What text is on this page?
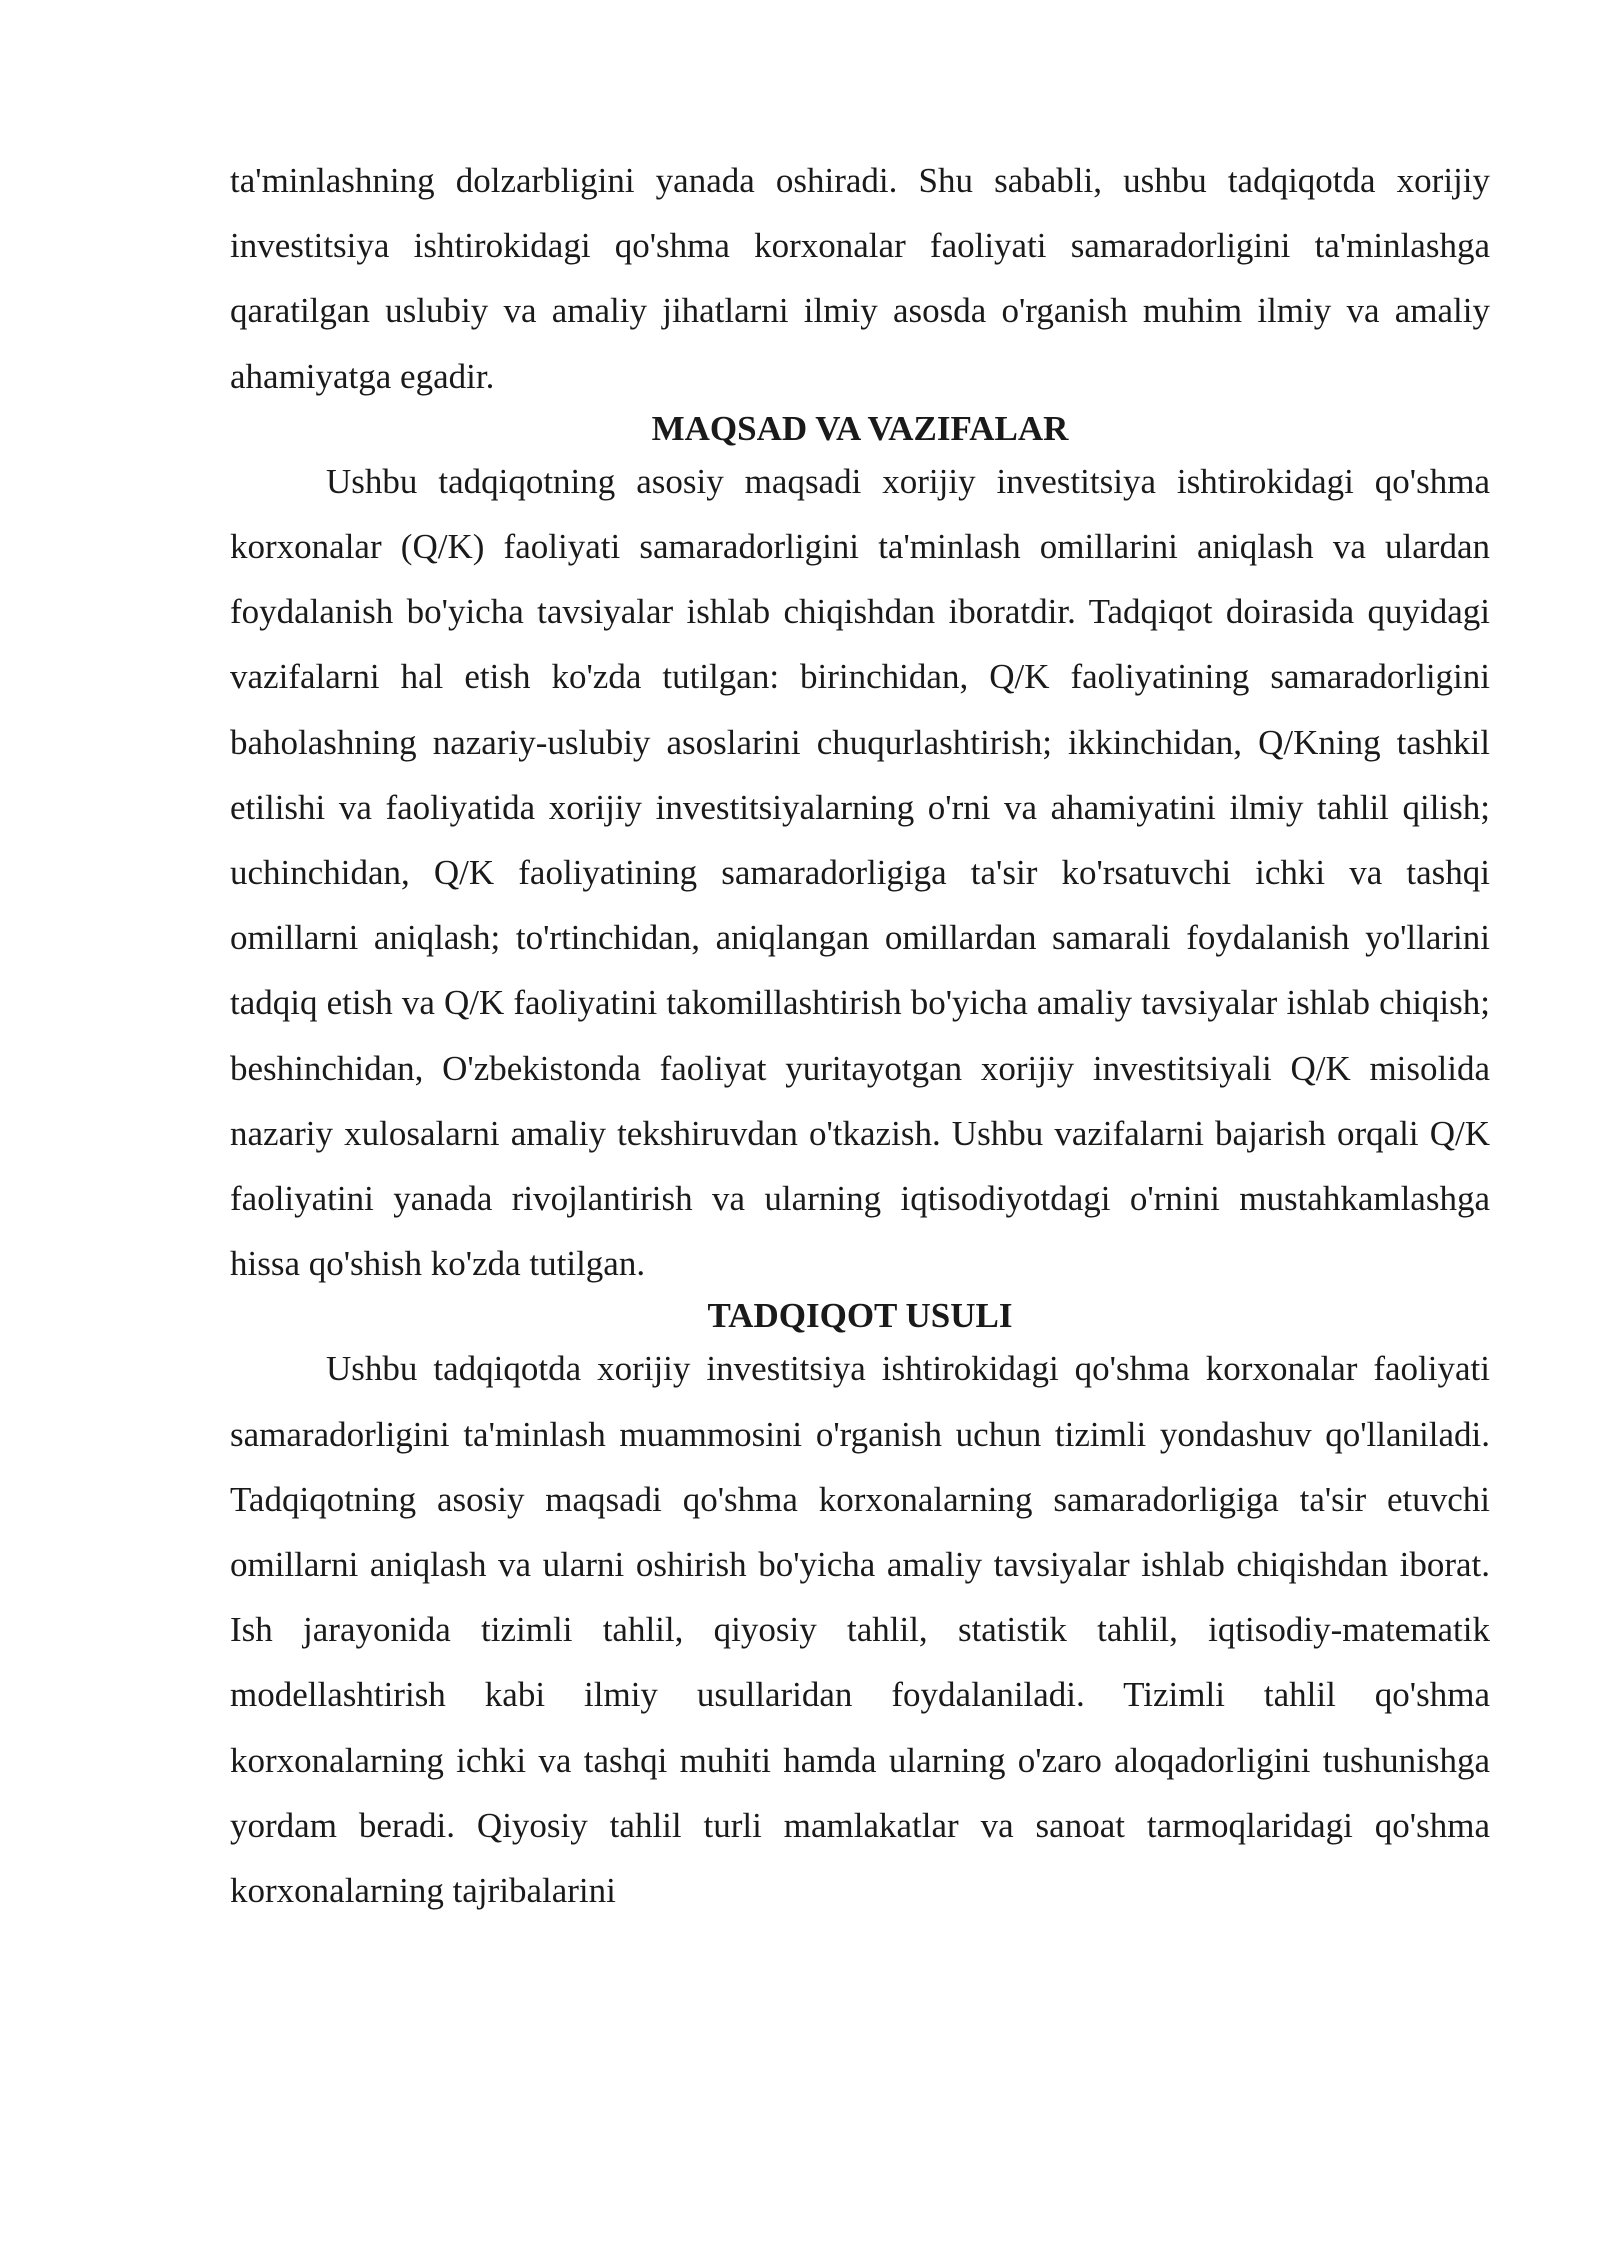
ta'minlashning dolzarbligini yanada oshiradi. Shu sababli, ushbu tadqiqotda xorijiy investitsiya ishtirokidagi qo'shma korxonalar faoliyati samaradorligini ta'minlashga qaratilgan uslubiy va amaliy jihatlarni ilmiy asosda o'rganish muhim ilmiy va amaliy ahamiyatga egadir.

MAQSAD VA VAZIFALAR

Ushbu tadqiqotning asosiy maqsadi xorijiy investitsiya ishtirokidagi qo'shma korxonalar (Q/K) faoliyati samaradorligini ta'minlash omillarini aniqlash va ulardan foydalanish bo'yicha tavsiyalar ishlab chiqishdan iboratdir. Tadqiqot doirasida quyidagi vazifalarni hal etish ko'zda tutilgan: birinchidan, Q/K faoliyatining samaradorligini baholashning nazariy-uslubiy asoslarini chuqurlashtirish; ikkinchidan, Q/Kning tashkil etilishi va faoliyatida xorijiy investitsiyalarning o'rni va ahamiyatini ilmiy tahlil qilish; uchinchidan, Q/K faoliyatining samaradorligiga ta'sir ko'rsatuvchi ichki va tashqi omillarni aniqlash; to'rtinchidan, aniqlangan omillardan samarali foydalanish yo'llarini tadqiq etish va Q/K faoliyatini takomillashtirish bo'yicha amaliy tavsiyalar ishlab chiqish; beshinchidan, O'zbekistonda faoliyat yuritayotgan xorijiy investitsiyali Q/K misolida nazariy xulosalarni amaliy tekshiruvdan o'tkazish. Ushbu vazifalarni bajarish orqali Q/K faoliyatini yanada rivojlantirish va ularning iqtisodiyotdagi o'rnini mustahkamlashga hissa qo'shish ko'zda tutilgan.

TADQIQOT USULI

Ushbu tadqiqotda xorijiy investitsiya ishtirokidagi qo'shma korxonalar faoliyati samaradorligini ta'minlash muammosini o'rganish uchun tizimli yondashuv qo'llaniladi. Tadqiqotning asosiy maqsadi qo'shma korxonalarning samaradorligiga ta'sir etuvchi omillarni aniqlash va ularni oshirish bo'yicha amaliy tavsiyalar ishlab chiqishdan iborat. Ish jarayonida tizimli tahlil, qiyosiy tahlil, statistik tahlil, iqtisodiy-matematik modellashtirish kabi ilmiy usullaridan foydalaniladi. Tizimli tahlil qo'shma korxonalarning ichki va tashqi muhiti hamda ularning o'zaro aloqadorligini tushunishga yordam beradi. Qiyosiy tahlil turli mamlakatlar va sanoat tarmoqlaridagi qo'shma korxonalarning tajribalarini
